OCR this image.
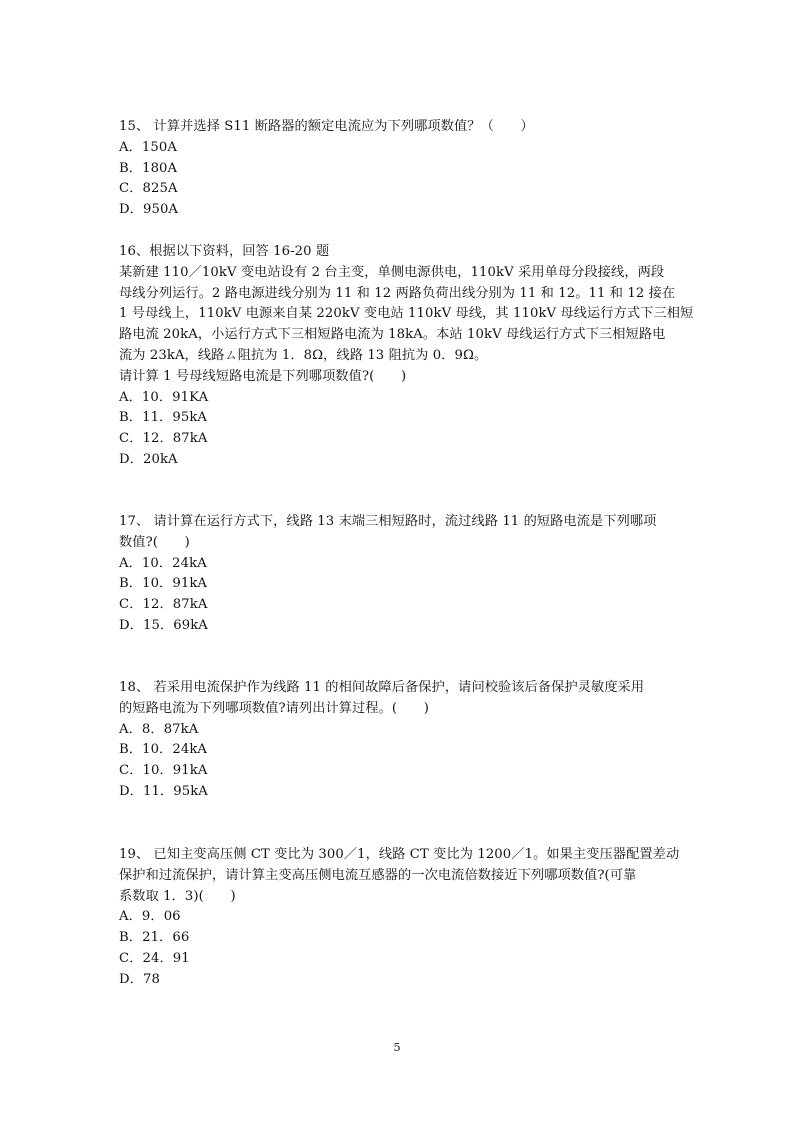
15、 计算并选择 S11 断路器的额定电流应为下列哪项数值？（　　）
A．150A
B．180A
C．825A
D．950A
16、根据以下资料，回答 16-20 题
某新建 110／10kV 变电站设有 2 台主变，单侧电源供电，110kV 采用单母分段接线，两段
母线分列运行。2 路电源进线分别为 11 和 12 两路负荷出线分别为 11 和 12。11 和 12 接在
1 号母线上，110kV 电源来自某 220kV 变电站 110kV 母线，其 110kV 母线运行方式下三相短
路电流 20kA，小运行方式下三相短路电流为 18kA。本站 10kV 母线运行方式下三相短路电
流为 23kA，线路ㄙ阻抗为 1．8Ω，线路 13 阻抗为 0．9Ω。
请计算 1 号母线短路电流是下列哪项数值?(　　)
A．10．91KA
B．11．95kA
C．12．87kA
D．20kA
17、 请计算在运行方式下，线路 13 末端三相短路时，流过线路 11 的短路电流是下列哪项
数值?(　　)
A．10．24kA
B．10．91kA
C．12．87kA
D．15．69kA
18、 若采用电流保护作为线路 11 的相间故障后备保护，请问校验该后备保护灵敏度采用
的短路电流为下列哪项数值?请列出计算过程。(　　)
A．8．87kA
B．10．24kA
C．10．91kA
D．11．95kA
19、 已知主变高压侧 CT 变比为 300／1，线路 CT 变比为 1200／1。如果主变压器配置差动
保护和过流保护，请计算主变高压侧电流互感器的一次电流倍数接近下列哪项数值?(可靠
系数取 1．3)(　　)
A．9．06
B．21．66
C．24．91
D．78
5
